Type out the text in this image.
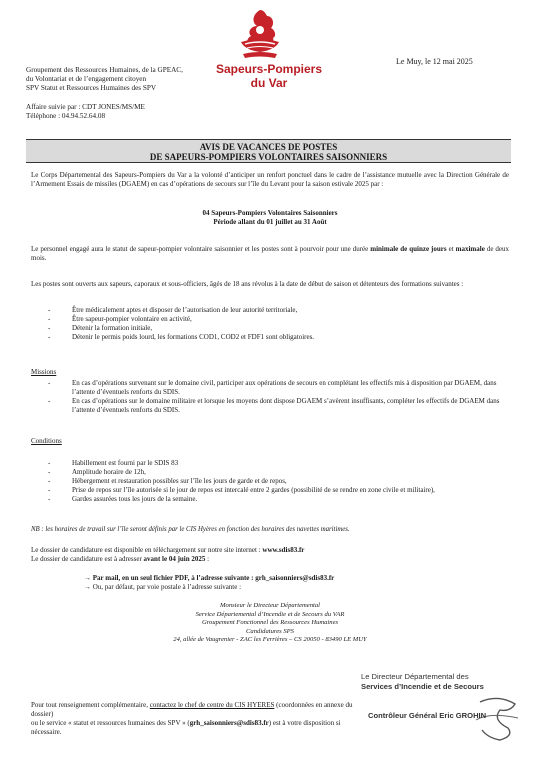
Sapeurs-Pompiers
du Var
Le Muy, le 12 mai 2025
Groupement des Ressources Humaines, de la GPEAC,
du Volontariat et de l’engagement citoyen
SPV Statut et Ressources Humaines des SPV
Affaire suivie par : CDT JONES/MS/ME
Téléphone : 04.94.52.64.08
AVIS DE VACANCES DE POSTES
DE SAPEURS-POMPIERS VOLONTAIRES SAISONNIERS
Le Corps Départemental des Sapeurs-Pompiers du Var a la volonté d’anticiper un renfort ponctuel dans le cadre de l’assistance mutuelle avec la Direction Générale de l’Armement Essais de missiles (DGAEM) en cas d’opérations de secours sur l’île du Levant pour la saison estivale 2025 par :
04 Sapeurs-Pompiers Volontaires Saisonniers
Période allant du 01 juillet au 31 Août
Le personnel engagé aura le statut de sapeur-pompier volontaire saisonnier et les postes sont à pourvoir pour une durée minimale de quinze jours et maximale de deux mois.
Les postes sont ouverts aux sapeurs, caporaux et sous-officiers, âgés de 18 ans révolus à la date de début de saison et détenteurs des formations suivantes :
-	Être médicalement aptes et disposer de l’autorisation de leur autorité territoriale,
-	Être sapeur-pompier volontaire en activité,
-	Détenir la formation initiale,
-	Détenir le permis poids lourd, les formations COD1, COD2 et FDF1 sont obligatoires.
Missions
-	En cas d’opérations survenant sur le domaine civil, participer aux opérations de secours en complétant les effectifs mis à disposition par DGAEM, dans l’attente d’éventuels renforts du SDIS.
-	En cas d’opérations sur le domaine militaire et lorsque les moyens dont dispose DGAEM s’avèrent insuffisants, compléter les effectifs de DGAEM dans l’attente d’éventuels renforts du SDIS.
Conditions
-	Habillement est fourni par le SDIS 83
-	Amplitude horaire de 12h,
-	Hébergement et restauration possibles sur l’île les jours de garde et de repos,
-	Prise de repos sur l’île autorisée si le jour de repos est intercalé entre 2 gardes (possibilité de se rendre en zone civile et militaire),
-	Gardes assurées tous les jours de la semaine.
NB : les horaires de travail sur l’île seront définis par le CIS Hyères en fonction des horaires des navettes maritimes.
Le dossier de candidature est disponible en téléchargement sur notre site internet : www.sdis83.fr
Le dossier de candidature est à adresser avant le 04 juin 2025 :
→ Par mail, en un seul fichier PDF, à l’adresse suivante : grh_saisonniers@sdis83.fr
→ Ou, par défaut, par voie postale à l’adresse suivante :
Monsieur le Directeur Départemental
Service Départemental d’Incendie et de Secours du VAR
Groupement Fonctionnel des Ressources Humaines
Candidatures SPS
24, allée de Vaugrenier - ZAC les Ferrières – CS 20050 - 83490 LE MUY
Le Directeur Départemental des
Services d’Incendie et de Secours
Pour tout renseignement complémentaire, contactez le chef de centre du CIS HYERES (coordonnées en annexe du dossier)
ou le service « statut et ressources humaines des SPV » (grh_saisonniers@sdis83.fr) est à votre disposition si nécessaire.
Contrôleur Général Eric GROHIN
